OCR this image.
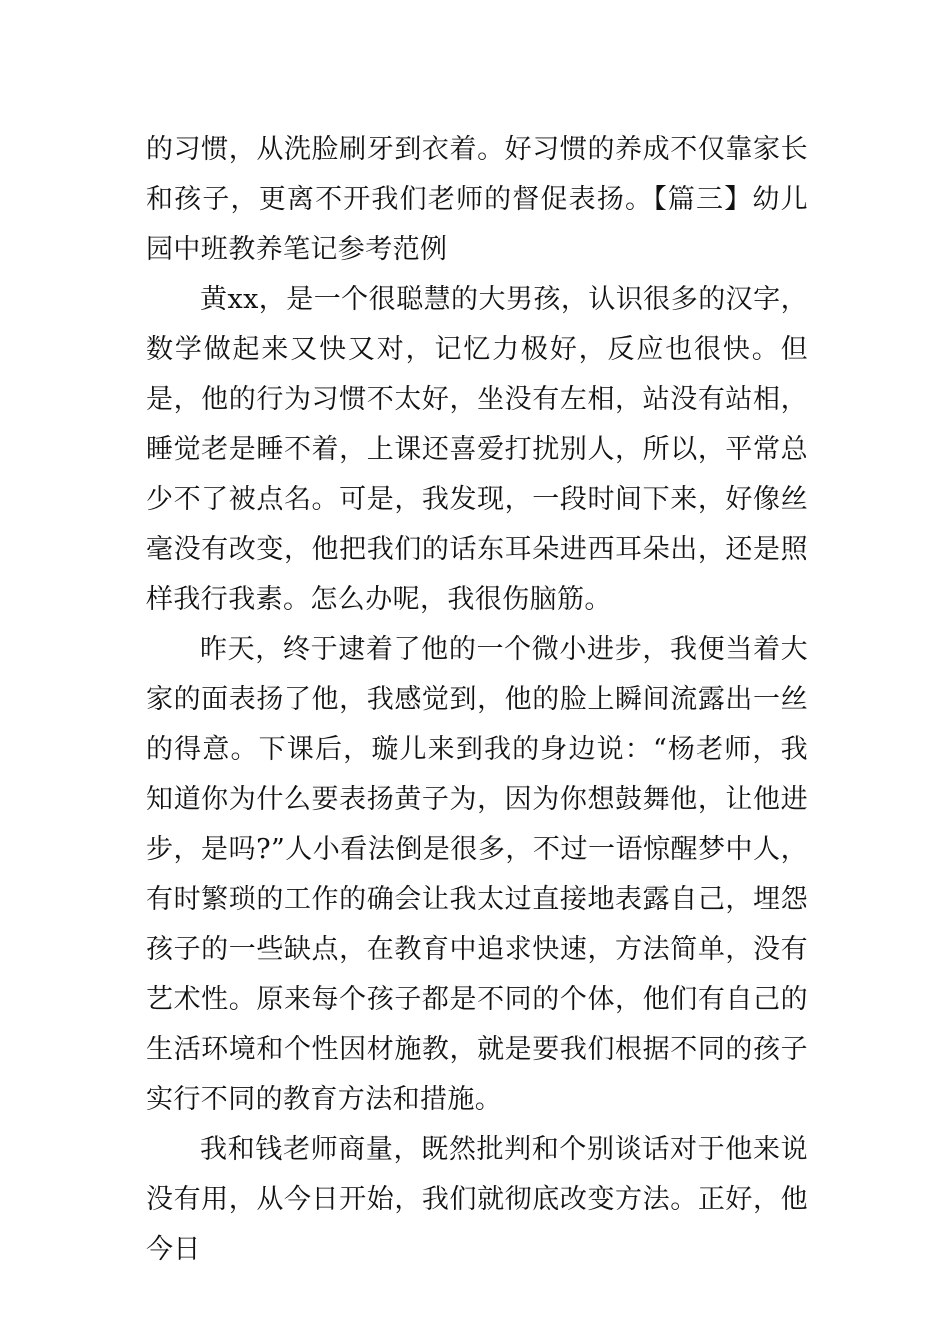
的习惯，从洗脸刷牙到衣着。好习惯的养成不仅靠家长和孩子，更离不开我们老师的督促表扬。【篇三】幼儿园中班教养笔记参考范例

黄xx，是一个很聪慧的大男孩，认识很多的汉字，数学做起来又快又对，记忆力极好，反应也很快。但是，他的行为习惯不太好，坐没有左相，站没有站相，睡觉老是睡不着，上课还喜爱打扰别人，所以，平常总少不了被点名。可是，我发现，一段时间下来，好像丝毫没有改变，他把我们的话东耳朵进西耳朵出，还是照样我行我素。怎么办呢，我很伤脑筋。

昨天，终于逮着了他的一个微小进步，我便当着大家的面表扬了他，我感觉到，他的脸上瞬间流露出一丝的得意。下课后，璇儿来到我的身边说：“杨老师，我知道你为什么要表扬黄子为，因为你想鼓舞他，让他进步，是吗?”人小看法倒是很多，不过一语惊醒梦中人，有时繁琐的工作的确会让我太过直接地表露自己，埋怨孩子的一些缺点，在教育中追求快速，方法简单，没有艺术性。原来每个孩子都是不同的个体，他们有自己的生活环境和个性因材施教，就是要我们根据不同的孩子实行不同的教育方法和措施。

我和钱老师商量，既然批判和个别谈话对于他来说没有用，从今日开始，我们就彻底改变方法。正好，他今日
